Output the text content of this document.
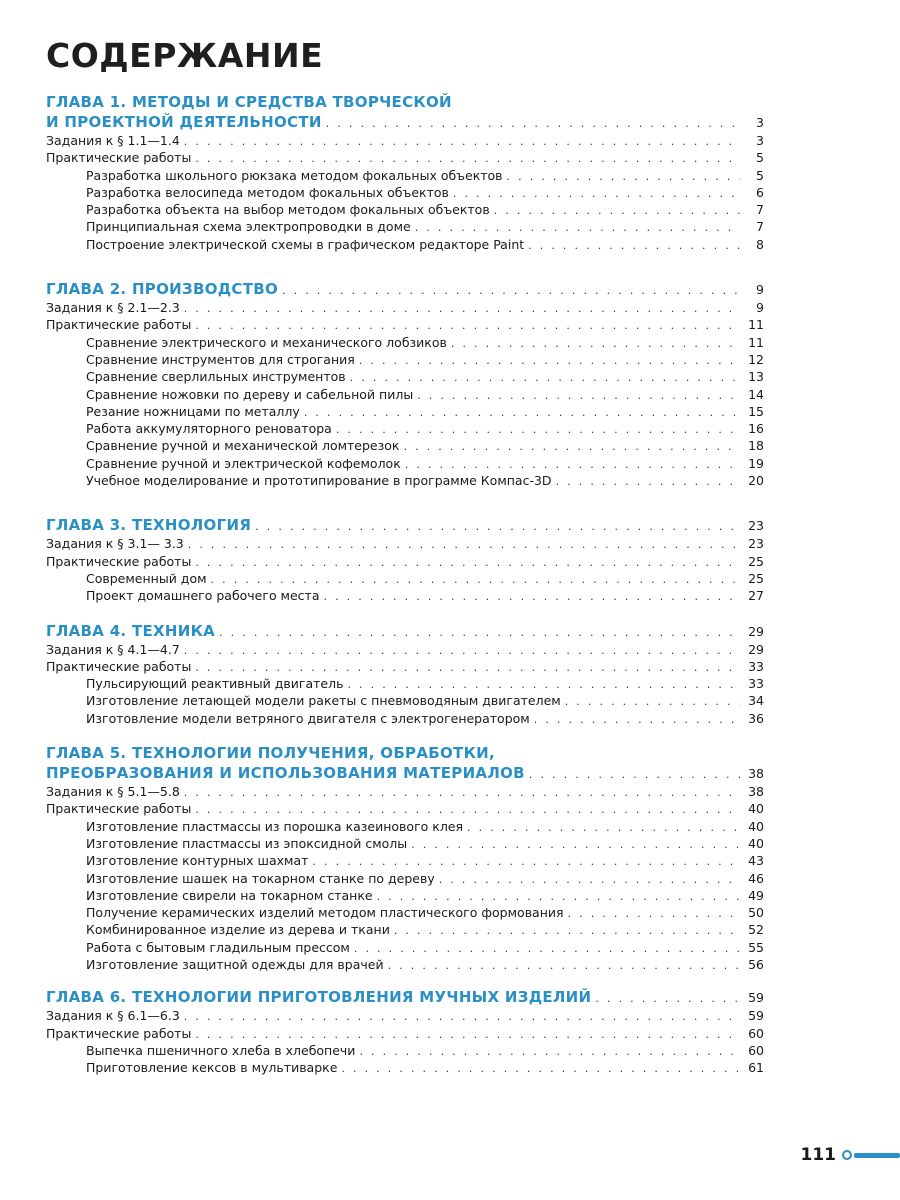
СОДЕРЖАНИЕ
ГЛАВА 1. МЕТОДЫ И СРЕДСТВА ТВОРЧЕСКОЙ
И ПРОЕКТНОЙ ДЕЯТЕЛЬНОСТИ . . .	3
Задания к § 1.1—1.4 . . .	3
Практические работы . . .	5
Разработка школьного рюкзака методом фокальных объектов . . .	5
Разработка велосипеда методом фокальных объектов . . .	6
Разработка объекта на выбор методом фокальных объектов . . .	7
Принципиальная схема электропроводки в доме . . .	7
Построение электрической схемы в графическом редакторе Paint . . .	8
ГЛАВА 2. ПРОИЗВОДСТВО . . .	9
Задания к § 2.1—2.3 . . .	9
Практические работы . . .	11
Сравнение электрического и механического лобзиков . . .	11
Сравнение инструментов для строгания . . .	12
Сравнение сверлильных инструментов . . .	13
Сравнение ножовки по дереву и сабельной пилы . . .	14
Резание ножницами по металлу . . .	15
Работа аккумуляторного реноватора . . .	16
Сравнение ручной и механической ломтерезок . . .	18
Сравнение ручной и электрической кофемолок . . .	19
Учебное моделирование и прототипирование в программе Компас-3D . . .	20
ГЛАВА 3. ТЕХНОЛОГИЯ . . .	23
Задания к § 3.1— 3.3 . . .	23
Практические работы . . .	25
Современный дом . . .	25
Проект домашнего рабочего места . . .	27
ГЛАВА 4. ТЕХНИКА . . .	29
Задания к § 4.1—4.7 . . .	29
Практические работы . . .	33
Пульсирующий реактивный двигатель . . .	33
Изготовление летающей модели ракеты с пневмоводяным двигателем . . .	34
Изготовление модели ветряного двигателя с электрогенератором . . .	36
ГЛАВА 5. ТЕХНОЛОГИИ ПОЛУЧЕНИЯ, ОБРАБОТКИ,
ПРЕОБРАЗОВАНИЯ И ИСПОЛЬЗОВАНИЯ МАТЕРИАЛОВ . . .	38
Задания к § 5.1—5.8 . . .	38
Практические работы . . .	40
Изготовление пластмассы из порошка казеинового клея . . .	40
Изготовление пластмассы из эпоксидной смолы . . .	40
Изготовление контурных шахмат . . .	43
Изготовление шашек на токарном станке по дереву . . .	46
Изготовление свирели на токарном станке . . .	49
Получение керамических изделий методом пластического формования . . .	50
Комбинированное изделие из дерева и ткани . . .	52
Работа с бытовым гладильным прессом . . .	55
Изготовление защитной одежды для врачей . . .	56
ГЛАВА 6. ТЕХНОЛОГИИ ПРИГОТОВЛЕНИЯ МУЧНЫХ ИЗДЕЛИЙ . . .	59
Задания к § 6.1—6.3 . . .	59
Практические работы . . .	60
Выпечка пшеничного хлеба в хлебопечи . . .	60
Приготовление кексов в мультиварке . . .	61
111
